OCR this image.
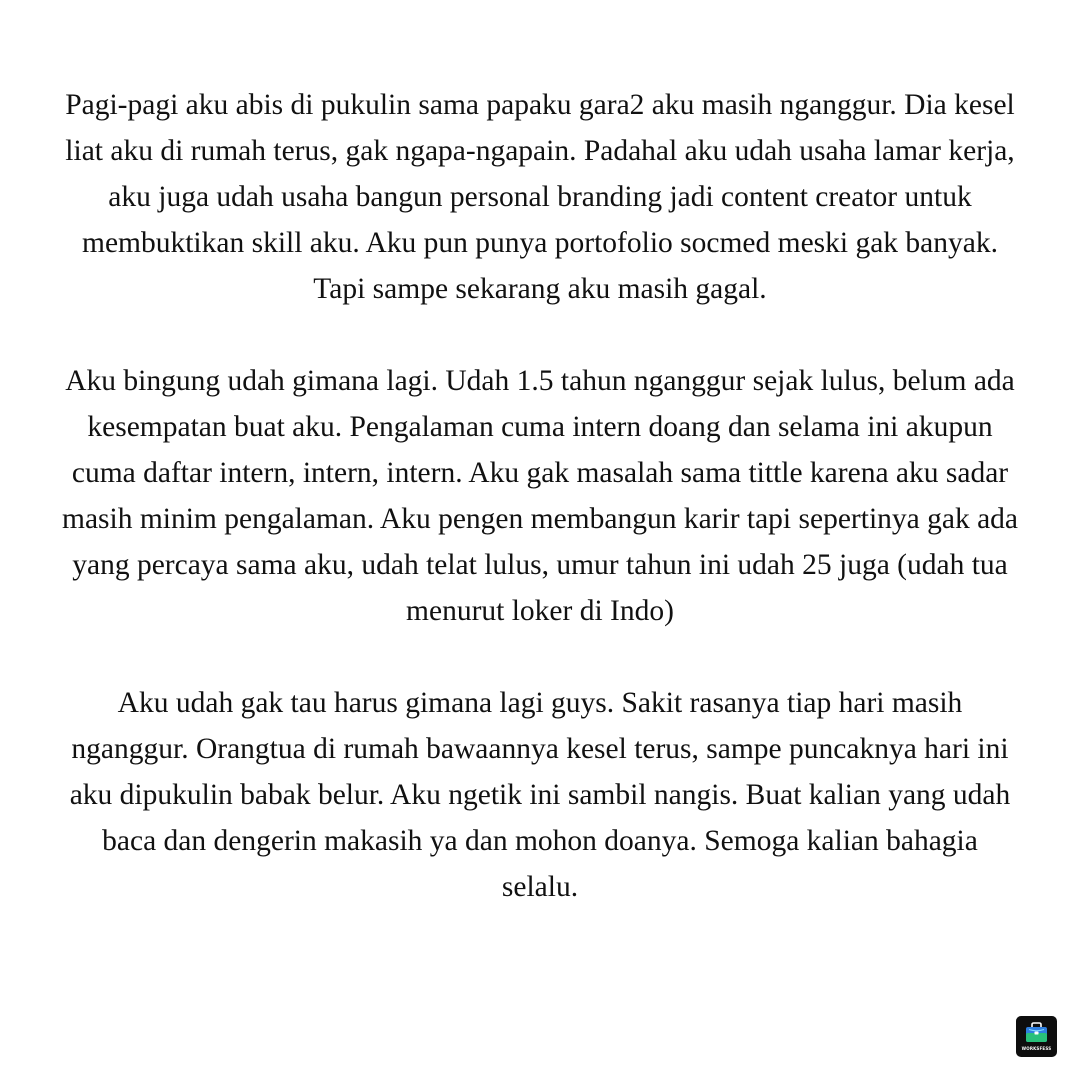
Pagi-pagi aku abis di pukulin sama papaku gara2 aku masih nganggur. Dia kesel liat aku di rumah terus, gak ngapa-ngapain. Padahal aku udah usaha lamar kerja, aku juga udah usaha bangun personal branding jadi content creator untuk membuktikan skill aku. Aku pun punya portofolio socmed meski gak banyak. Tapi sampe sekarang aku masih gagal.

Aku bingung udah gimana lagi. Udah 1.5 tahun nganggur sejak lulus, belum ada kesempatan buat aku. Pengalaman cuma intern doang dan selama ini akupun cuma daftar intern, intern, intern. Aku gak masalah sama tittle karena aku sadar masih minim pengalaman. Aku pengen membangun karir tapi sepertinya gak ada yang percaya sama aku, udah telat lulus, umur tahun ini udah 25 juga (udah tua menurut loker di Indo)

Aku udah gak tau harus gimana lagi guys. Sakit rasanya tiap hari masih nganggur. Orangtua di rumah bawaannya kesel terus, sampe puncaknya hari ini aku dipukulin babak belur. Aku ngetik ini sambil nangis. Buat kalian yang udah baca dan dengerin makasih ya dan mohon doanya. Semoga kalian bahagia selalu.

WORKSFESS
